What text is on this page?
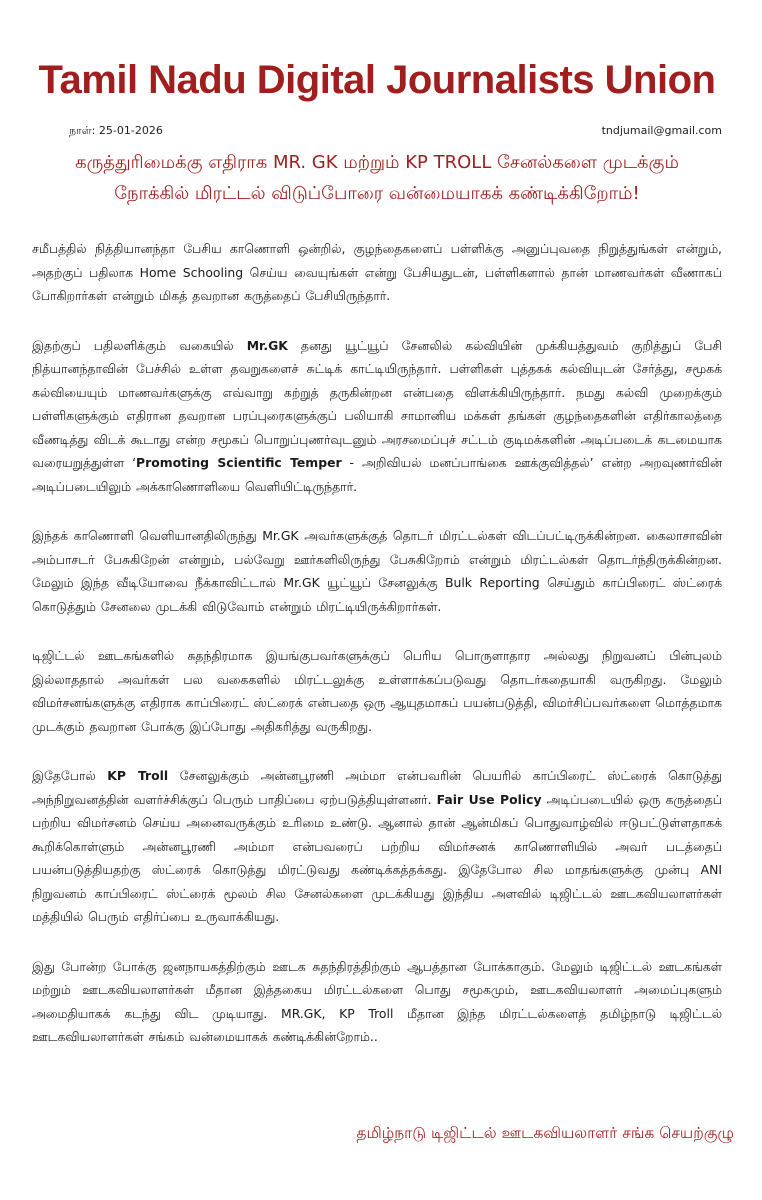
Tamil Nadu Digital Journalists Union
நாள்: 25-01-2026	tndjumail@gmail.com
கருத்துரிமைக்கு எதிராக MR. GK மற்றும் KP TROLL சேனல்களை முடக்கும்
நோக்கில் மிரட்டல் விடுப்போரை வன்மையாகக் கண்டிக்கிறோம்!

சமீபத்தில் நித்தியானந்தா பேசிய காணொளி ஒன்றில், குழந்தைகளைப் பள்ளிக்கு அனுப்புவதை நிறுத்துங்கள் என்றும், அதற்குப் பதிலாக Home Schooling செய்ய வையுங்கள் என்று பேசியதுடன், பள்ளிகளால் தான் மாணவர்கள் வீணாகப் போகிறார்கள் என்றும் மிகத் தவறான கருத்தைப் பேசியிருந்தார்.

இதற்குப் பதிலளிக்கும் வகையில் Mr.GK தனது யூட்யூப் சேனலில் கல்வியின் முக்கியத்துவம் குறித்துப் பேசி நித்யானந்தாவின் பேச்சில் உள்ள தவறுகளைச் சுட்டிக் காட்டியிருந்தார். பள்ளிகள் புத்தகக் கல்வியுடன் சேர்த்து, சமூகக் கல்வியையும் மாணவர்களுக்கு எவ்வாறு கற்றுத் தருகின்றன என்பதை விளக்கியிருந்தார். நமது கல்வி முறைக்கும் பள்ளிகளுக்கும் எதிரான தவறான பரப்புரைகளுக்குப் பலியாகி சாமானிய மக்கள் தங்கள் குழந்தைகளின் எதிர்காலத்தை வீணடித்து விடக் கூடாது என்ற சமூகப் பொறுப்புணர்வுடனும் அரசமைப்புச் சட்டம் குடிமக்களின் அடிப்படைக் கடமையாக வரையறுத்துள்ள ‘Promoting Scientific Temper - அறிவியல் மனப்பாங்கை ஊக்குவித்தல்’ என்ற அறவுணர்வின் அடிப்படையிலும் அக்காணொளியை வெளியிட்டிருந்தார்.

இந்தக் காணொளி வெளியானதிலிருந்து Mr.GK அவர்களுக்குத் தொடர் மிரட்டல்கள் விடப்பட்டிருக்கின்றன. கைலாசாவின் அம்பாசடர் பேசுகிறேன் என்றும், பல்வேறு ஊர்களிலிருந்து பேசுகிறோம் என்றும் மிரட்டல்கள் தொடர்ந்திருக்கின்றன. மேலும் இந்த வீடியோவை நீக்காவிட்டால் Mr.GK யூட்யூப் சேனலுக்கு Bulk Reporting செய்தும் காப்பிரைட் ஸ்ட்ரைக் கொடுத்தும் சேனலை முடக்கி விடுவோம் என்றும் மிரட்டியிருக்கிறார்கள்.

டிஜிட்டல் ஊடகங்களில் சுதந்திரமாக இயங்குபவர்களுக்குப் பெரிய பொருளாதார அல்லது நிறுவனப் பின்புலம் இல்லாததால் அவர்கள் பல வகைகளில் மிரட்டலுக்கு உள்ளாக்கப்படுவது தொடர்கதையாகி வருகிறது. மேலும் விமர்சனங்களுக்கு எதிராக காப்பிரைட் ஸ்ட்ரைக் என்பதை ஒரு ஆயுதமாகப் பயன்படுத்தி, விமர்சிப்பவர்களை மொத்தமாக முடக்கும் தவறான போக்கு இப்போது அதிகரித்து வருகிறது.

இதேபோல் KP Troll சேனலுக்கும் அன்னபூரணி அம்மா என்பவரின் பெயரில் காப்பிரைட் ஸ்ட்ரைக் கொடுத்து அந்நிறுவனத்தின் வளர்ச்சிக்குப் பெரும் பாதிப்பை ஏற்படுத்தியுள்ளனர். Fair Use Policy அடிப்படையில் ஒரு கருத்தைப் பற்றிய விமர்சனம் செய்ய அனைவருக்கும் உரிமை உண்டு. ஆனால் தான் ஆன்மிகப் பொதுவாழ்வில் ஈடுபட்டுள்ளதாகக் கூறிக்கொள்ளும் அன்னபூரணி அம்மா என்பவரைப் பற்றிய விமர்சனக் காணொளியில் அவர் படத்தைப் பயன்படுத்தியதற்கு ஸ்ட்ரைக் கொடுத்து மிரட்டுவது கண்டிக்கத்தக்கது. இதேபோல சில மாதங்களுக்கு முன்பு ANI நிறுவனம் காப்பிரைட் ஸ்ட்ரைக் மூலம் சில சேனல்களை முடக்கியது இந்திய அளவில் டிஜிட்டல் ஊடகவியலாளர்கள் மத்தியில் பெரும் எதிர்ப்பை உருவாக்கியது.

இது போன்ற போக்கு ஜனநாயகத்திற்கும் ஊடக சுதந்திரத்திற்கும் ஆபத்தான போக்காகும். மேலும் டிஜிட்டல் ஊடகங்கள் மற்றும் ஊடகவியலாளர்கள் மீதான இத்தகைய மிரட்டல்களை பொது சமூகமும், ஊடகவியலாளர் அமைப்புகளும் அமைதியாகக் கடந்து விட முடியாது. MR.GK, KP Troll மீதான இந்த மிரட்டல்களைத் தமிழ்நாடு டிஜிட்டல் ஊடகவியலாளர்கள் சங்கம் வன்மையாகக் கண்டிக்கின்றோம்..

தமிழ்நாடு டிஜிட்டல் ஊடகவியலாளர் சங்க செயற்குழு
